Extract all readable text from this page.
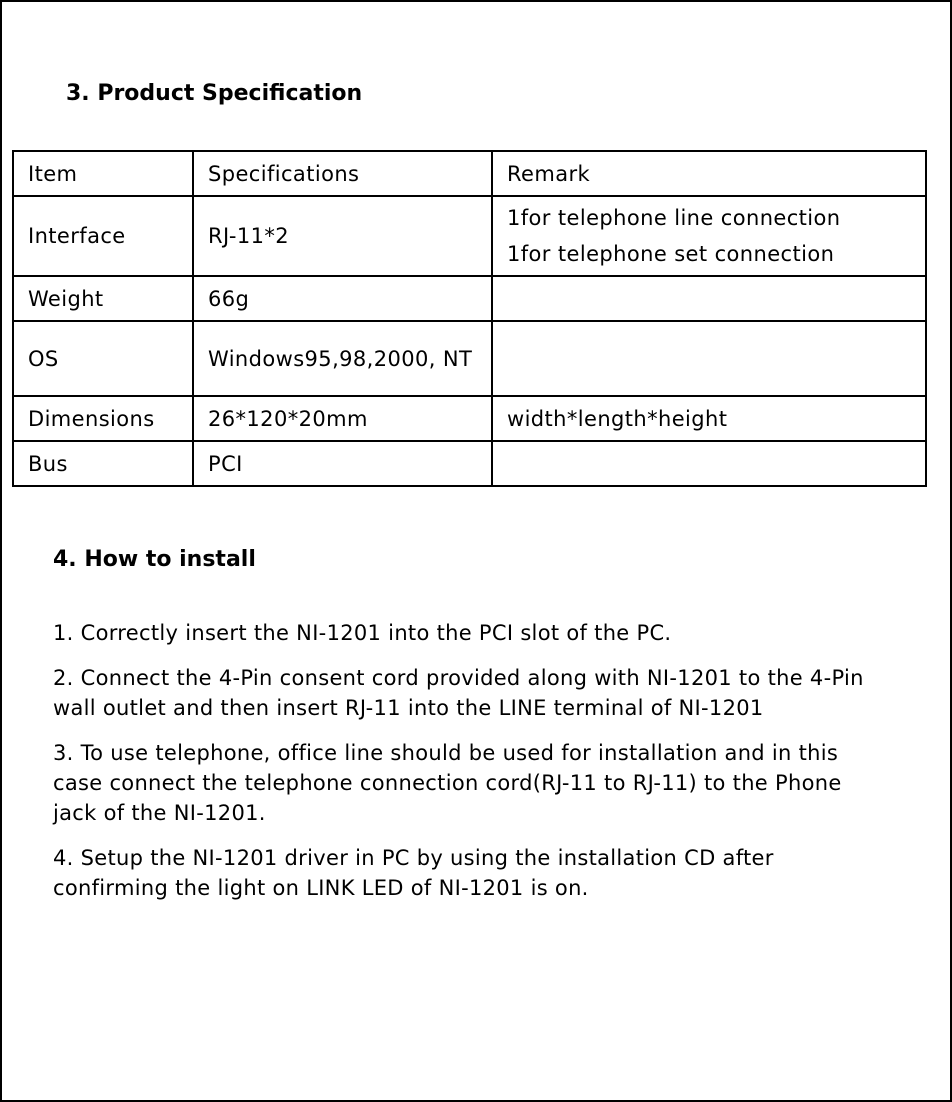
3. Product Specification
Item	Specifications	Remark
Interface	RJ-11*2	1for telephone line connection
1for telephone set connection

Weight	66g	
OS	Windows95,98,2000, NT	
Dimensions	26*120*20mm	width*length*height
Bus	PCI	
4. How to install

1. Correctly insert the NI-1201 into the PCI slot of the PC.

2. Connect the 4-Pin consent cord provided along with NI-1201 to the 4-Pin wall outlet and then insert RJ-11 into the LINE terminal of NI-1201

3. To use telephone, office line should be used for installation and in this case connect the telephone connection cord(RJ-11 to RJ-11) to the Phone jack of the NI-1201.

4. Setup the NI-1201 driver in PC by using the installation CD after confirming the light on LINK LED of NI-1201 is on.
